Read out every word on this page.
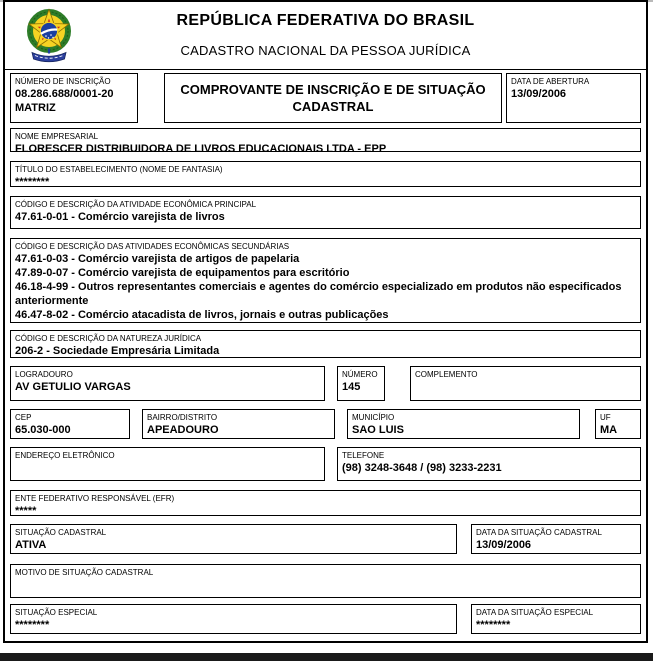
REPÚBLICA FEDERATIVA DO BRASIL
CADASTRO NACIONAL DA PESSOA JURÍDICA
NÚMERO DE INSCRIÇÃO
08.286.688/0001-20
MATRIZ
COMPROVANTE DE INSCRIÇÃO E DE SITUAÇÃO CADASTRAL
DATA DE ABERTURA
13/09/2006
NOME EMPRESARIAL
FLORESCER DISTRIBUIDORA DE LIVROS EDUCACIONAIS LTDA - EPP
TÍTULO DO ESTABELECIMENTO (NOME DE FANTASIA)
********
CÓDIGO E DESCRIÇÃO DA ATIVIDADE ECONÔMICA PRINCIPAL
47.61-0-01 - Comércio varejista de livros
CÓDIGO E DESCRIÇÃO DAS ATIVIDADES ECONÔMICAS SECUNDÁRIAS
47.61-0-03 - Comércio varejista de artigos de papelaria
47.89-0-07 - Comércio varejista de equipamentos para escritório
46.18-4-99 - Outros representantes comerciais e agentes do comércio especializado em produtos não especificados anteriormente
46.47-8-02 - Comércio atacadista de livros, jornais e outras publicações
CÓDIGO E DESCRIÇÃO DA NATUREZA JURÍDICA
206-2 - Sociedade Empresária Limitada
LOGRADOURO
AV GETULIO VARGAS
NÚMERO
145
COMPLEMENTO
CEP
65.030-000
BAIRRO/DISTRITO
APEADOURO
MUNICÍPIO
SAO LUIS
UF
MA
ENDEREÇO ELETRÔNICO	TELEFONE
(98) 3248-3648 / (98) 3233-2231
ENTE FEDERATIVO RESPONSÁVEL (EFR)
*****
SITUAÇÃO CADASTRAL
ATIVA
DATA DA SITUAÇÃO CADASTRAL
13/09/2006
MOTIVO DE SITUAÇÃO CADASTRAL
SITUAÇÃO ESPECIAL
********
DATA DA SITUAÇÃO ESPECIAL
********
